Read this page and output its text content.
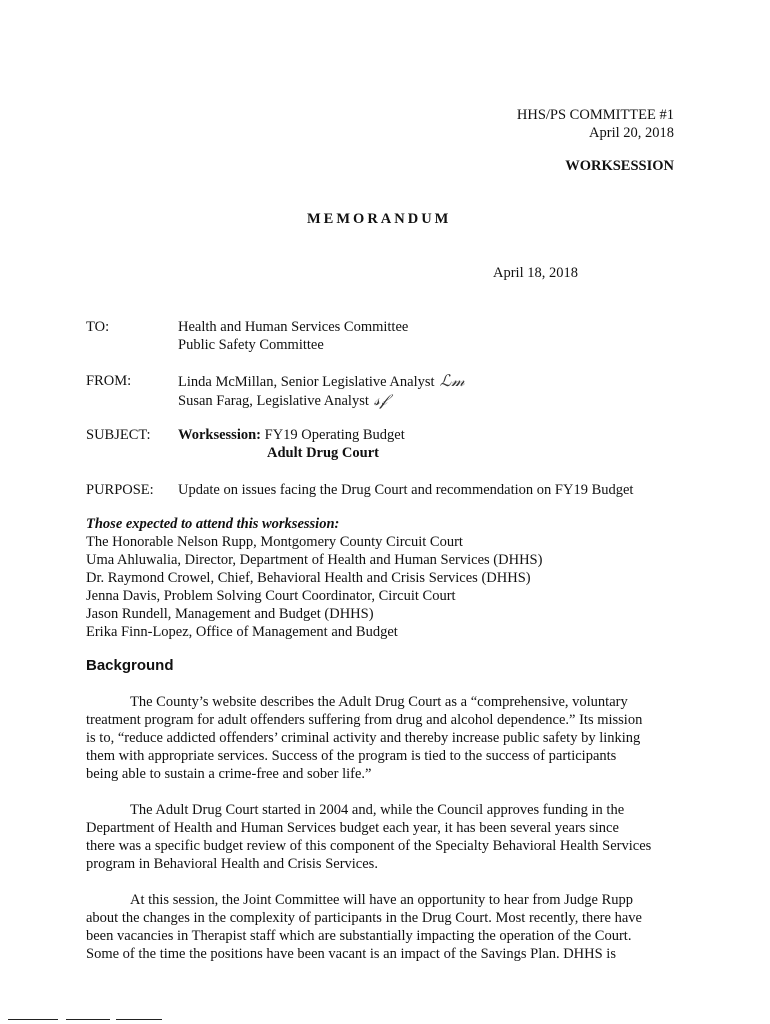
HHS/PS COMMITTEE #1
April 20, 2018
WORKSESSION
MEMORANDUM
April 18, 2018
TO:	Health and Human Services Committee
Public Safety Committee
FROM:	Linda McMillan, Senior Legislative Analyst ℒ𝓂
Susan Farag, Legislative Analyst 𝓈𝒻
SUBJECT: Worksession: FY19 Operating Budget
Adult Drug Court
PURPOSE: Update on issues facing the Drug Court and recommendation on FY19 Budget
Those expected to attend this worksession:
The Honorable Nelson Rupp, Montgomery County Circuit Court
Uma Ahluwalia, Director, Department of Health and Human Services (DHHS)
Dr. Raymond Crowel, Chief, Behavioral Health and Crisis Services (DHHS)
Jenna Davis, Problem Solving Court Coordinator, Circuit Court
Jason Rundell, Management and Budget (DHHS)
Erika Finn-Lopez, Office of Management and Budget
Background
The County’s website describes the Adult Drug Court as a “comprehensive, voluntary
treatment program for adult offenders suffering from drug and alcohol dependence.” Its mission
is to, “reduce addicted offenders’ criminal activity and thereby increase public safety by linking
them with appropriate services. Success of the program is tied to the success of participants
being able to sustain a crime-free and sober life.”
The Adult Drug Court started in 2004 and, while the Council approves funding in the
Department of Health and Human Services budget each year, it has been several years since
there was a specific budget review of this component of the Specialty Behavioral Health Services
program in Behavioral Health and Crisis Services.
At this session, the Joint Committee will have an opportunity to hear from Judge Rupp
about the changes in the complexity of participants in the Drug Court. Most recently, there have
been vacancies in Therapist staff which are substantially impacting the operation of the Court.
Some of the time the positions have been vacant is an impact of the Savings Plan. DHHS is
